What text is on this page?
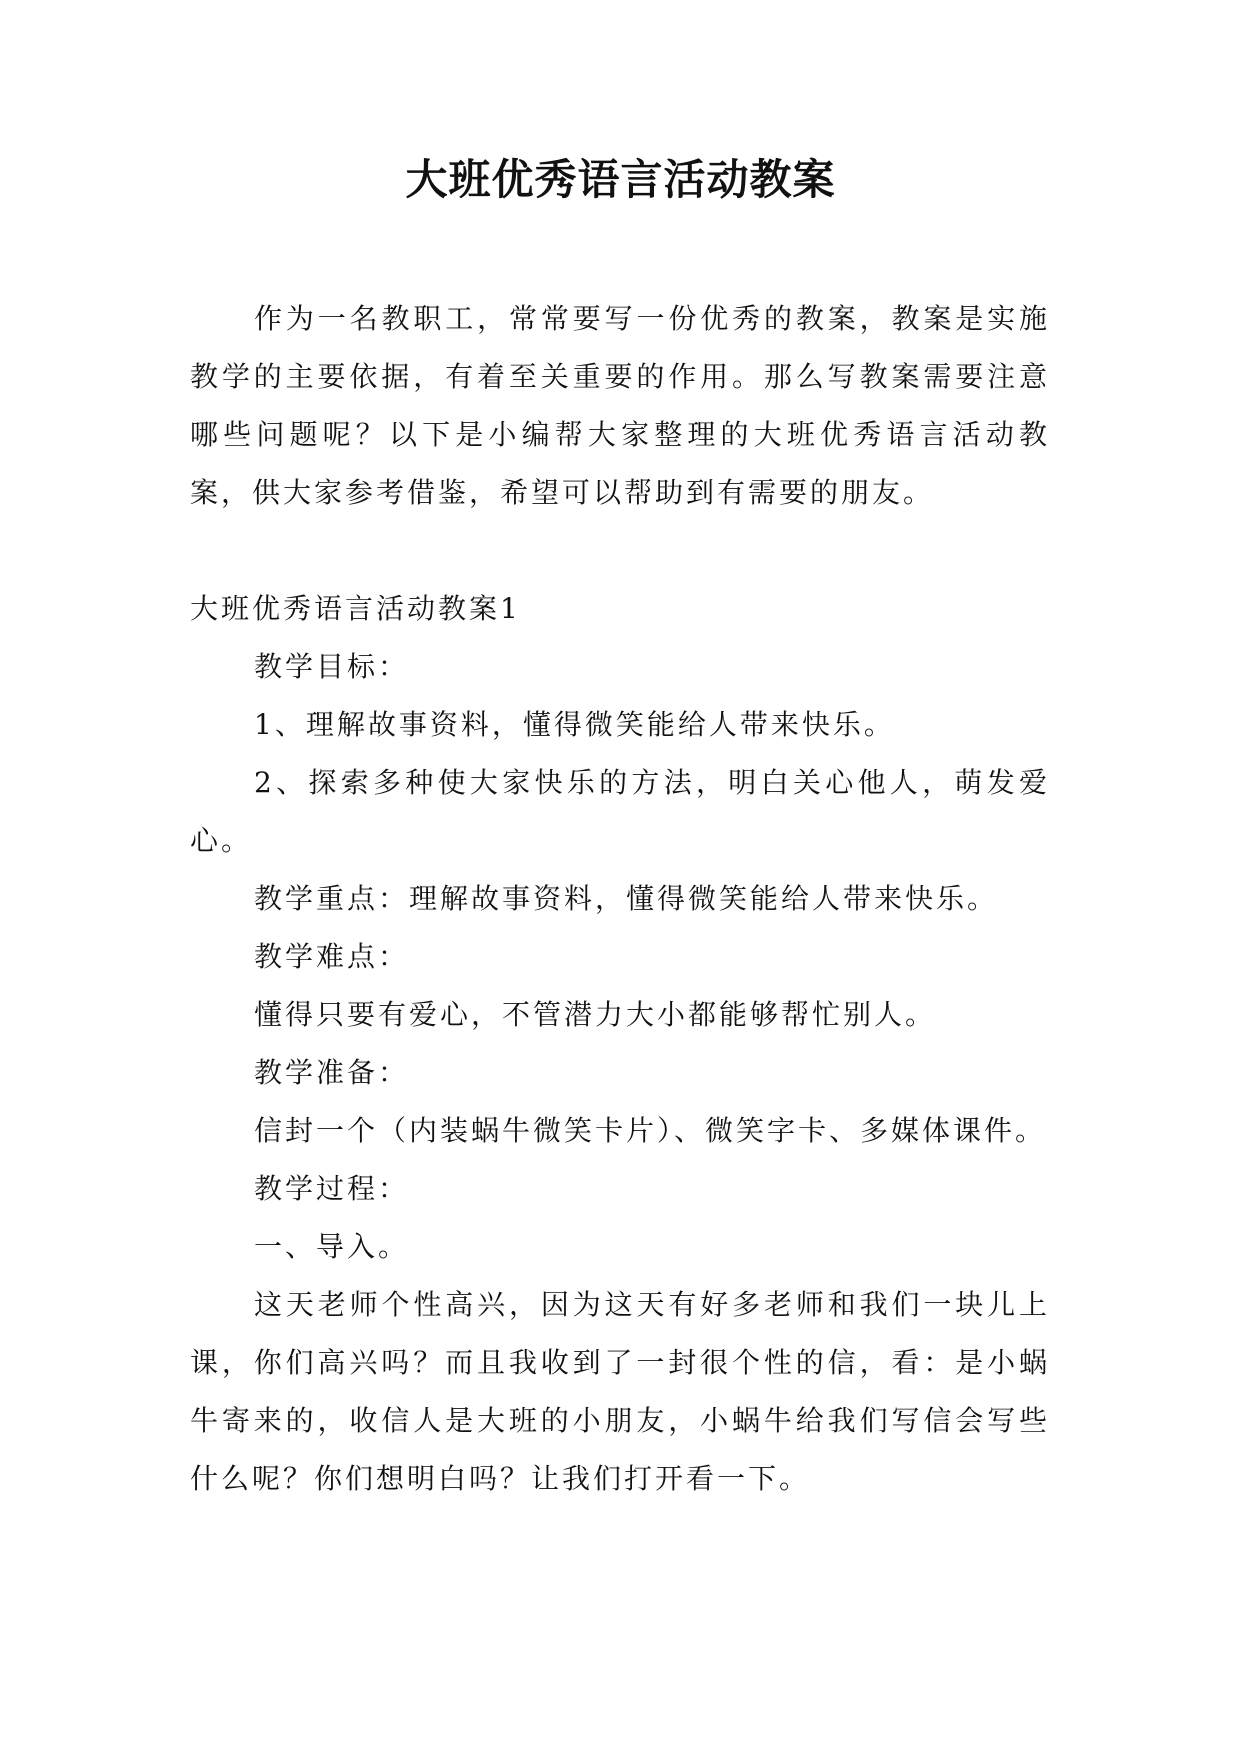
大班优秀语言活动教案

作为一名教职工，常常要写一份优秀的教案，教案是实施教学的主要依据，有着至关重要的作用。那么写教案需要注意哪些问题呢？以下是小编帮大家整理的大班优秀语言活动教案，供大家参考借鉴，希望可以帮助到有需要的朋友。

大班优秀语言活动教案1

教学目标：

1、理解故事资料，懂得微笑能给人带来快乐。

2、探索多种使大家快乐的方法，明白关心他人，萌发爱心。

教学重点：理解故事资料，懂得微笑能给人带来快乐。

教学难点：

懂得只要有爱心，不管潜力大小都能够帮忙别人。

教学准备：

信封一个（内装蜗牛微笑卡片）、微笑字卡、多媒体课件。

教学过程：

一、导入。

这天老师个性高兴，因为这天有好多老师和我们一块儿上课，你们高兴吗？而且我收到了一封很个性的信，看：是小蜗牛寄来的，收信人是大班的小朋友，小蜗牛给我们写信会写些什么呢？你们想明白吗？让我们打开看一下。
